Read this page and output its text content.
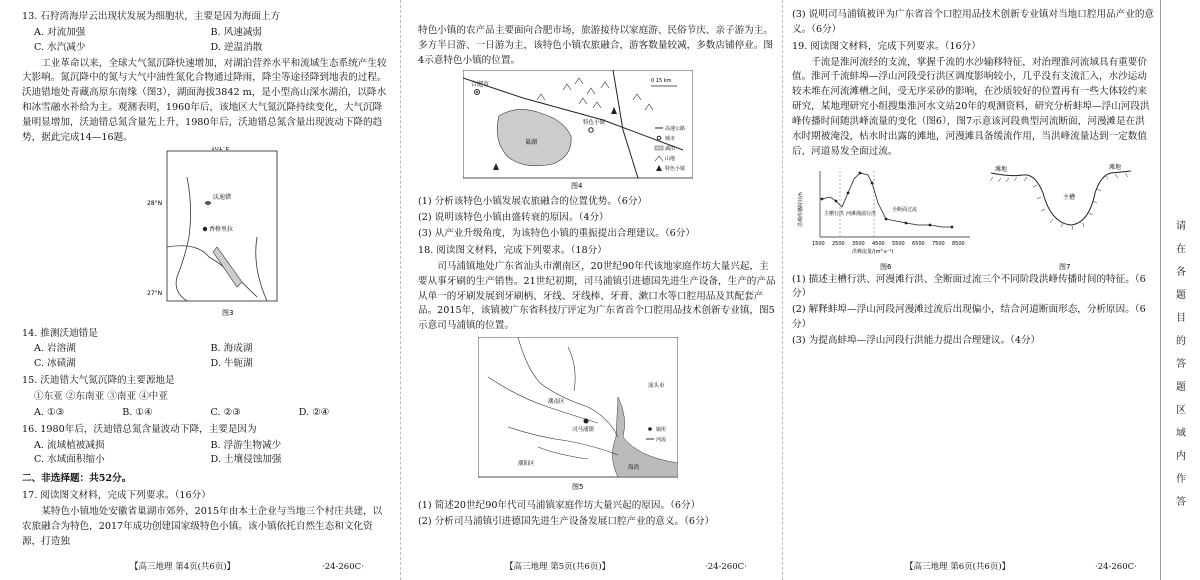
13. 石狩湾海岸云出现状发展为细胞状，主要是因为海面上方
A. 对流加强	B. 风速减弱
C. 水汽减少	D. 逆温消散
工业革命以来，全球大气氮沉降快速增加，对湖泊营养水平和流域生态系统产生较大影响。氮沉降中的氮与大气中油性氮化合物通过降雨，降尘等途径降到地表的过程。沃迪错地处青藏高原东南缘（图3），湖面海拔3842 m，是小型高山深水湖泊，以降水和冰雪融水补给为主。观测表明，1960年后，该地区大气氮沉降持续变化，大气沉降量明显增加，沃迪错总氮含量先上升，1980年后，沃迪错总氮含量出现波动下降的趋势，据此完成14—16题。
101°E
28°N
27°N
香格里拉
沃迪错
图3
14. 推测沃迪错是
A. 岩溶湖	B. 海成湖
C. 冰碛湖	D. 牛轭湖
15. 沃迪错大气氮沉降的主要源地是
①东亚 ②东南亚 ③南亚 ④中亚
A. ①③	B. ①④	C. ②③	D. ②④
16. 1980年后，沃迪错总氮含量波动下降，主要是因为
A. 流域植被减损	B. 浮游生物减少
C. 水域面积缩小	D. 土壤侵蚀加强
二、非选择题：共52分。
17. 阅读图文材料，完成下列要求。（16分）
某特色小镇地处安徽省巢湖市郊外，2015年由本土企业与当地三个村庄共建，以农旅融合为特色，2017年成功创建国家级特色小镇。该小镇依托自然生态和文化资源，打造独
【高三地理 第4页(共6页)】	·24-260C·
特色小镇的农产品主要面向合肥市场，旅游接待以家庭游、民俗节庆、亲子游为主。多方半日游、一日游为主，该特色小镇农旅融合，游客数量较减，多数店铺停业。图4示意特色小镇的位置。
合肥市
巢湖
特色小镇
0 15 km
高速公路
城市
湖泊
山地
特色小镇
图4
(1) 分析该特色小镇发展农旅融合的位置优势。（6分）
(2) 说明该特色小镇由盛转衰的原因。（4分）
(3) 从产业升级角度，为该特色小镇的重振提出合理建议。（6分）
18. 阅读图文材料，完成下列要求。（18分）
司马浦镇地处广东省汕头市潮南区，20世纪90年代该地家庭作坊大量兴起，主要从事牙刷的生产销售。21世纪初期，司马浦镇引进德国先进生产设备，生产的产品从单一的牙刷发展到牙刷柄、牙线、牙线棒、牙膏、漱口水等口腔用品及其配套产品。2015年，该镇被广东省科技厅评定为广东省首个口腔用品技术创新专业镇，图5示意司马浦镇的位置。
司马浦镇
汕头市
潮阳区
潮南区
海湾
镇所
河流
图5
(1) 简述20世纪90年代司马浦镇家庭作坊大量兴起的原因。（6分）
(2) 分析司马浦镇引进德国先进生产设备发展口腔产业的意义。（6分）
【高三地理 第5页(共6页)】	·24-260C·
(3) 说明司马浦镇被评为广东省首个口腔用品技术创新专业镇对当地口腔用品产业的意义。（6分）
19. 阅读图文材料，完成下列要求。（16分）
千流是淮河流经的支流，掌握千流的水沙输移特征，对治理淮河流域具有重要价值。淮河千流蚌埠—浮山河段受行洪区调度影响较小，几乎没有支流汇入，水沙运动较未堆在河流滩槽之间，受无序采砂的影响，在沙质较好的位置再有一些大体较约来研究，某地理研究小组搜集淮河水文站20年的观测资料，研究分析蚌埠—浮山河段洪峰传播时间随洪峰流量的变化（图6），图7示意该河段典型河流断面，河漫滩是在洪水时期被淹没，枯水时出露的滩地，河漫滩具备缓流作用，当洪峰流量达到一定数值后，河道易发全面过流。
主槽行洪 河滩漫溢行洪
全断面过流
1500 2500 3500 4500 5500 6500 7500 8500
洪峰流量/(m³·s⁻¹)
洪峰传播时间/h
图6
滩地
主槽
滩地
图7
(1) 描述主槽行洪、河漫滩行洪、全断面过流三个不同阶段洪峰传播时间的特征。（6分）
(2) 解释蚌埠—浮山河段河漫滩过流后出现偏小，结合河道断面形态，分析原因。（6分）
(3) 为提高蚌埠—浮山河段行洪能力提出合理建议。（4分）
【高三地理 第6页(共6页)】	·24-260C·
请在各题目的答题区域内作答
